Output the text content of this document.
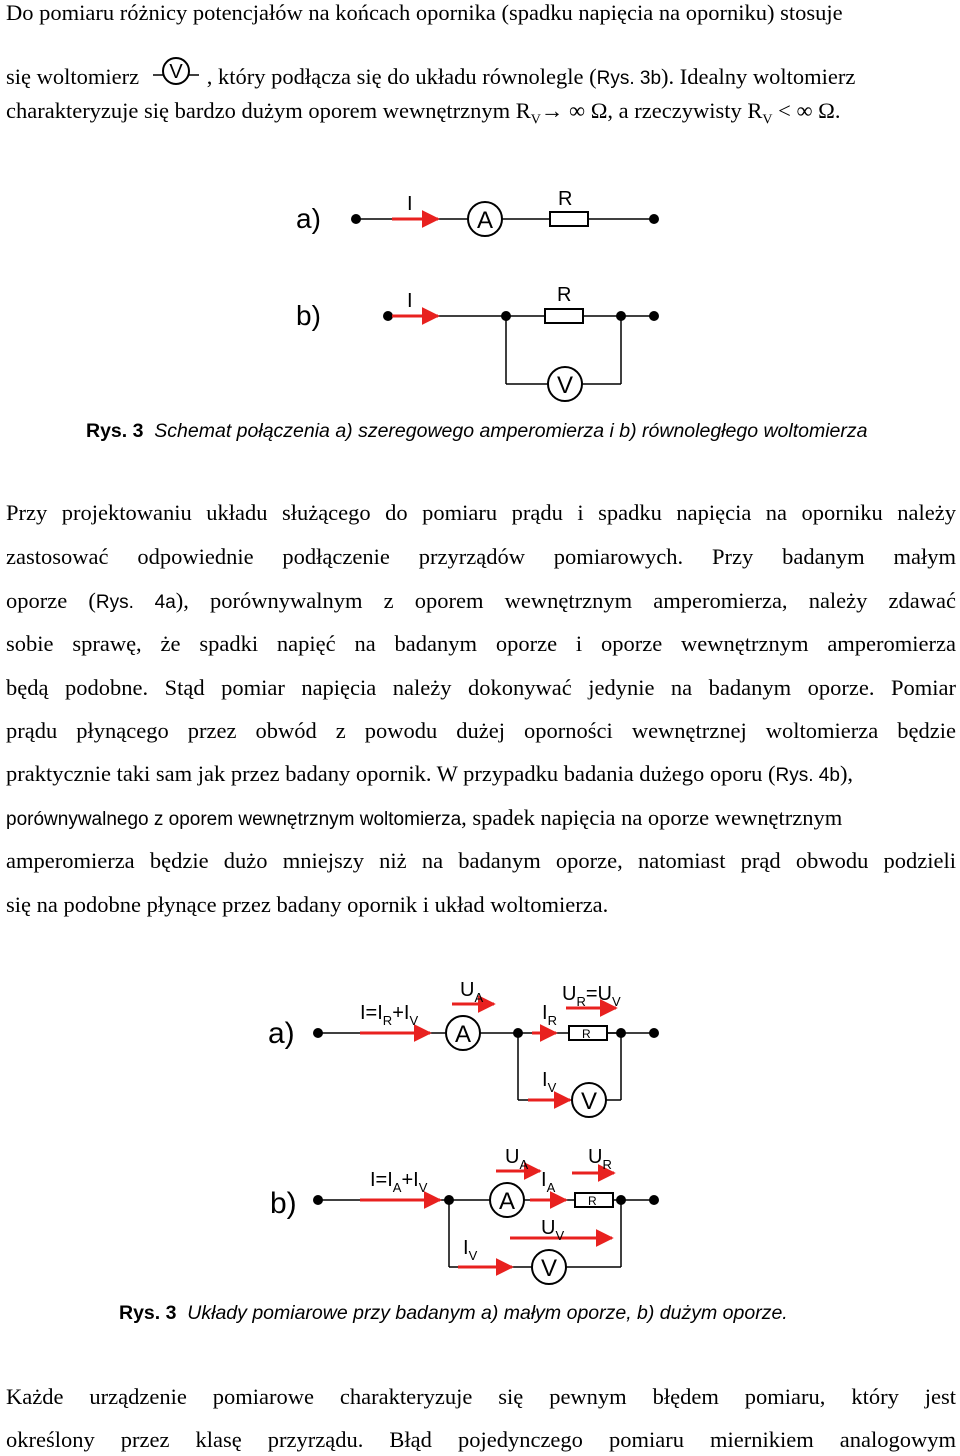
Do pomiaru różnicy potencjałów na końcach opornika (spadku napięcia na oporniku) stosuje
się woltomierz V , który podłącza się do układu równolegle (Rys. 3b). Idealny woltomierz
charakteryzuje się bardzo dużym oporem wewnętrznym $R_V\to$ ∞ Ω, a rzeczywisty $R_V$ < ∞ Ω.
a)	I
A
R
b)	I	R
V
Rys. 3 Schemat połączenia a) szeregowego amperomierza i b) równoległego woltomierza
Przy projektowaniu układu służącego do pomiaru prądu i spadku napięcia na oporniku należy
zastosować odpowiednie podłączenie przyrządów pomiarowych. Przy badanym małym
oporze (Rys. 4a), porównywalnym z oporem wewnętrznym amperomierza, należy zdawać
sobie sprawę, że spadki napięć na badanym oporze i oporze wewnętrznym amperomierza
będą podobne. Stąd pomiar napięcia należy dokonywać jedynie na badanym oporze. Pomiar
prądu płynącego przez obwód z powodu dużej oporności wewnętrznej woltomierza będzie
praktycznie taki sam jak przez badany opornik. W przypadku badania dużego oporu (Rys. 4b),
porównywalnego z oporem wewnętrznym woltomierza, spadek napięcia na oporze wewnętrznym
amperomierza będzie dużo mniejszy niż na badanym oporze, natomiast prąd obwodu podzieli
się na podobne płynące przez badany opornik i układ woltomierza.
a)
$I=I_R+I_V$
A
$U_A$
$I_R$
R
$U_R=U_V$
$I_V$
V
b)
$I=I_A+I_V$
A
$U_A$
$I_A$
R
$U_R$
$I_V$
$U_V$
V
Rys. 3 Układy pomiarowe przy badanym a) małym oporze, b) dużym oporze.
Każde urządzenie pomiarowe charakteryzuje się pewnym błędem pomiaru, który jest
określony przez klasę przyrządu. Błąd pojedynczego pomiaru miernikiem analogowym
